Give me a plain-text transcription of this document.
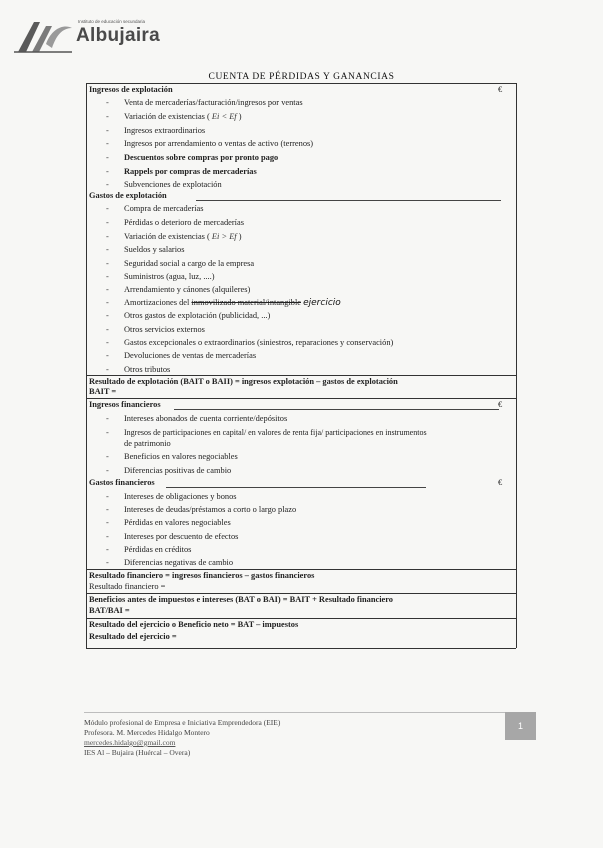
Instituto de educación secundaria
Albujaira
CUENTA DE PÉRDIDAS Y GANANCIAS
Ingresos de explotación	€
- Venta de mercaderías/facturación/ingresos por ventas
- Variación de existencias ( Ei < Ef )
- Ingresos extraordinarios
- Ingresos por arrendamiento o ventas de activo (terrenos)
- Descuentos sobre compras por pronto pago
- Rappels por compras de mercaderías
- Subvenciones de explotación
Gastos de explotación
- Compra de mercaderías
- Pérdidas o deterioro de mercaderías
- Variación de existencias ( Ei > Ef )
- Sueldos y salarios
- Seguridad social a cargo de la empresa
- Suministros (agua, luz, ....)
- Arrendamiento y cánones (alquileres)
- Amortizaciones del inmovilizado material/intangible ejercicio
- Otros gastos de explotación (publicidad, ...)
- Otros servicios externos
- Gastos excepcionales o extraordinarios (siniestros, reparaciones y conservación)
- Devoluciones de ventas de mercaderías
- Otros tributos
Resultado de explotación (BAIT o BAII) = ingresos explotación – gastos de explotación
BAIT =
Ingresos financieros	€
- Intereses abonados de cuenta corriente/depósitos
- Ingresos de participaciones en capital/ en valores de renta fija/ participaciones en instrumentos
de patrimonio
- Beneficios en valores negociables
- Diferencias positivas de cambio
Gastos financieros	€
- Intereses de obligaciones y bonos
- Intereses de deudas/préstamos a corto o largo plazo
- Pérdidas en valores negociables
- Intereses por descuento de efectos
- Pérdidas en créditos
- Diferencias negativas de cambio
Resultado financiero = ingresos financieros – gastos financieros
Resultado financiero =
Beneficios antes de impuestos e intereses (BAT o BAI) = BAIT + Resultado financiero
BAT/BAI =
Resultado del ejercicio o Beneficio neto = BAT – impuestos
Resultado del ejercicio =
Módulo profesional de Empresa e Iniciativa Emprendedora (EIE)
Profesora. M. Mercedes Hidalgo Montero
mercedes.hidalgo@gmail.com
IES Al – Bujaira (Huércal – Overa)
1
